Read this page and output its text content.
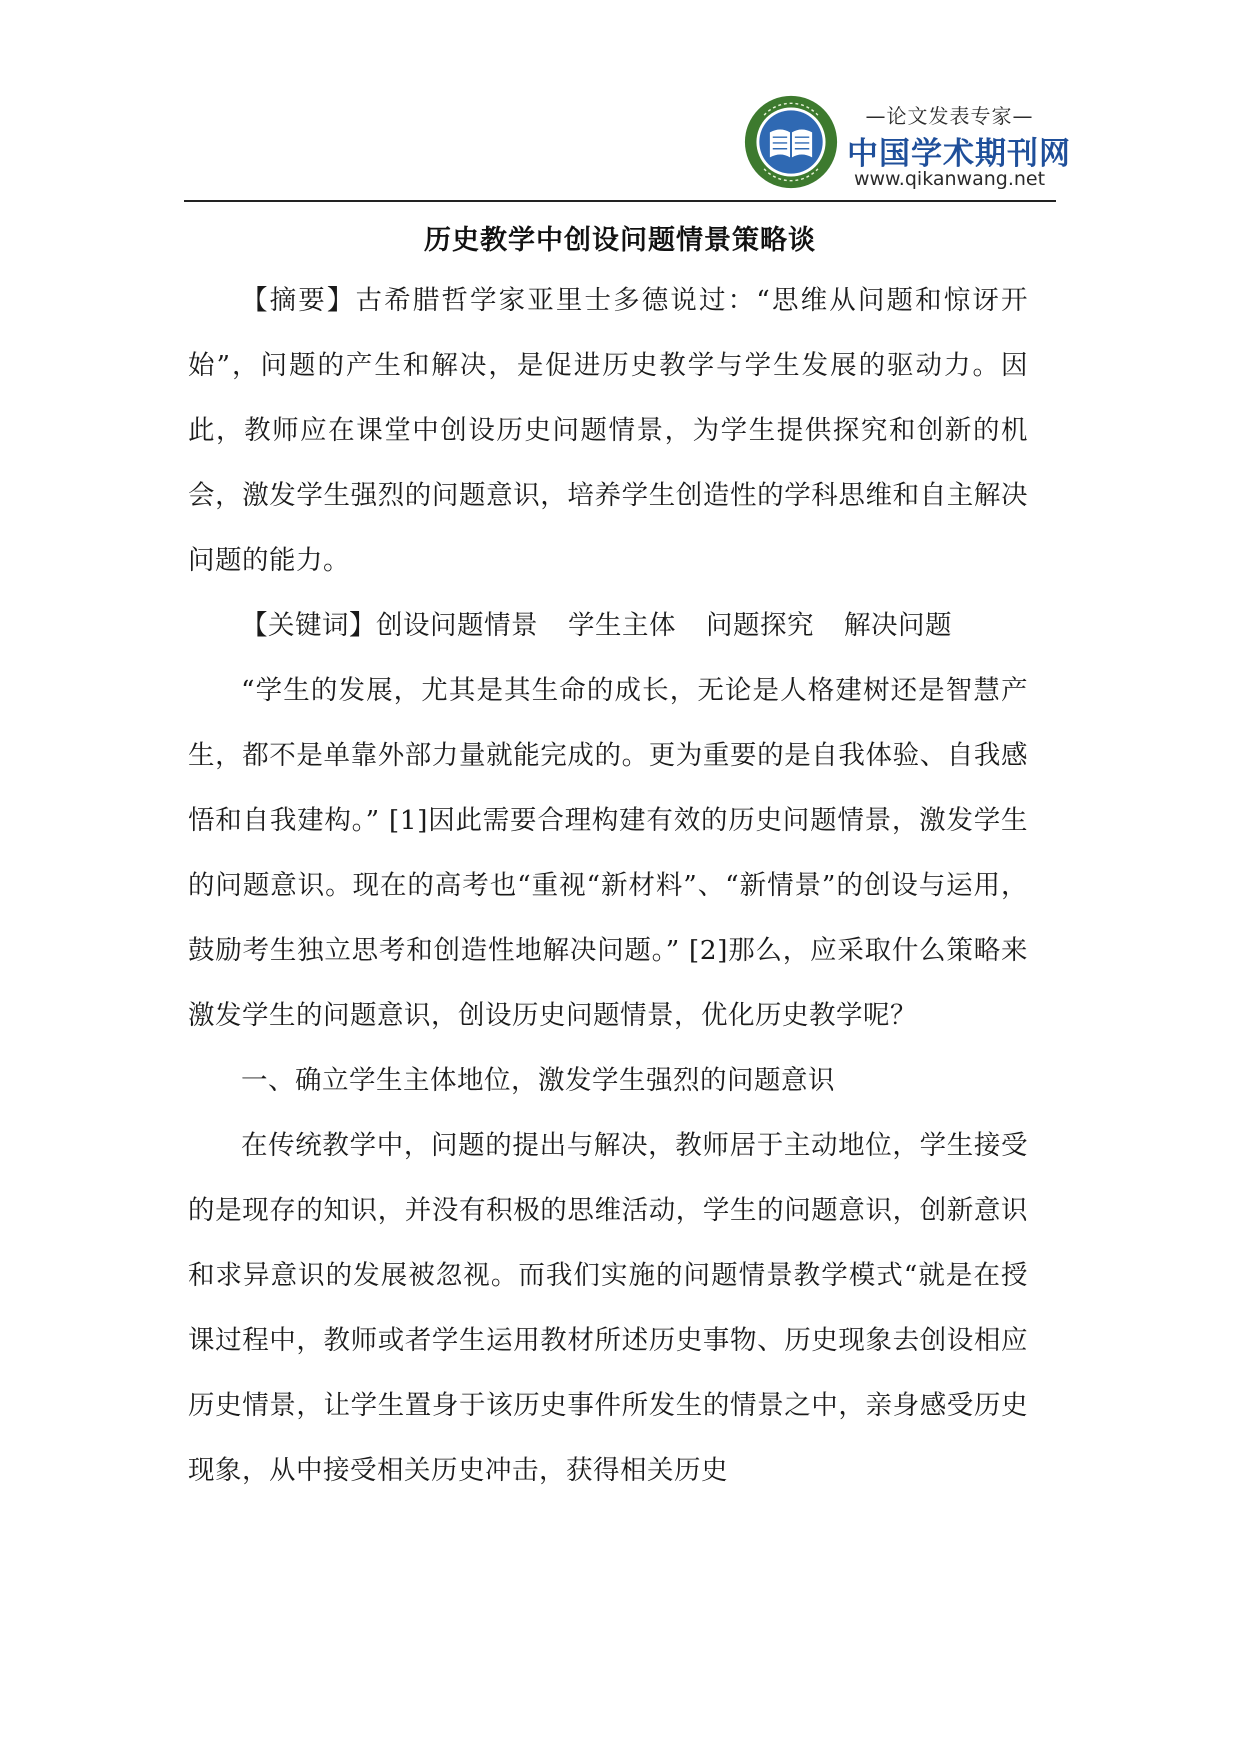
—论文发表专家—
中国学术期刊网
www.qikanwang.net
历史教学中创设问题情景策略谈

【摘要】古希腊哲学家亚里士多德说过：“思维从问题和惊讶开始”，问题的产生和解决，是促进历史教学与学生发展的驱动力。因此，教师应在课堂中创设历史问题情景，为学生提供探究和创新的机会，激发学生强烈的问题意识，培养学生创造性的学科思维和自主解决问题的能力。

【关键词】创设问题情景 学生主体 问题探究 解决问题

“学生的发展，尤其是其生命的成长，无论是人格建树还是智慧产生，都不是单靠外部力量就能完成的。更为重要的是自我体验、自我感悟和自我建构。” [1]因此需要合理构建有效的历史问题情景，激发学生的问题意识。现在的高考也“重视“新材料”、“新情景”的创设与运用，鼓励考生独立思考和创造性地解决问题。” [2]那么，应采取什么策略来激发学生的问题意识，创设历史问题情景，优化历史教学呢？

一、确立学生主体地位，激发学生强烈的问题意识

在传统教学中，问题的提出与解决，教师居于主动地位，学生接受的是现存的知识，并没有积极的思维活动，学生的问题意识，创新意识和求异意识的发展被忽视。而我们实施的问题情景教学模式“就是在授课过程中，教师或者学生运用教材所述历史事物、历史现象去创设相应历史情景，让学生置身于该历史事件所发生的情景之中，亲身感受历史现象，从中接受相关历史冲击，获得相关历史
